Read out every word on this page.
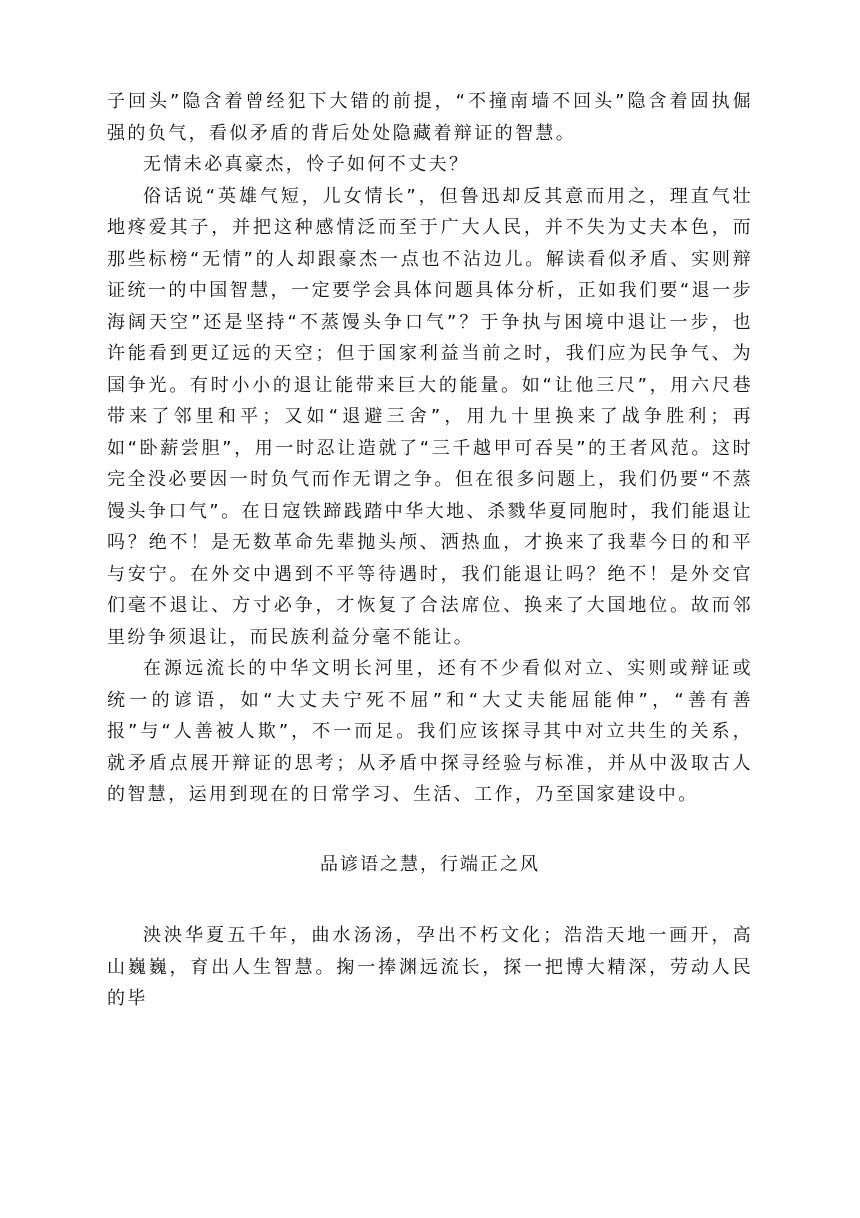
子回头”隐含着曾经犯下大错的前提，“不撞南墙不回头”隐含着固执倔强的负气，看似矛盾的背后处处隐藏着辩证的智慧。

无情未必真豪杰，怜子如何不丈夫？

俗话说“英雄气短，儿女情长”，但鲁迅却反其意而用之，理直气壮地疼爱其子，并把这种感情泛而至于广大人民，并不失为丈夫本色，而那些标榜“无情”的人却跟豪杰一点也不沾边儿。解读看似矛盾、实则辩证统一的中国智慧，一定要学会具体问题具体分析，正如我们要“退一步海阔天空”还是坚持“不蒸馒头争口气”？于争执与困境中退让一步，也许能看到更辽远的天空；但于国家利益当前之时，我们应为民争气、为国争光。有时小小的退让能带来巨大的能量。如“让他三尺”，用六尺巷带来了邻里和平；又如“退避三舍”，用九十里换来了战争胜利；再如“卧薪尝胆”，用一时忍让造就了“三千越甲可吞吴”的王者风范。这时完全没必要因一时负气而作无谓之争。但在很多问题上，我们仍要“不蒸馒头争口气”。在日寇铁蹄践踏中华大地、杀戮华夏同胞时，我们能退让吗？绝不！是无数革命先辈抛头颅、洒热血，才换来了我辈今日的和平与安宁。在外交中遇到不平等待遇时，我们能退让吗？绝不！是外交官们毫不退让、方寸必争，才恢复了合法席位、换来了大国地位。故而邻里纷争须退让，而民族利益分毫不能让。

在源远流长的中华文明长河里，还有不少看似对立、实则或辩证或统一的谚语，如“大丈夫宁死不屈”和“大丈夫能屈能伸”，“善有善报”与“人善被人欺”，不一而足。我们应该探寻其中对立共生的关系，就矛盾点展开辩证的思考；从矛盾中探寻经验与标准，并从中汲取古人的智慧，运用到现在的日常学习、生活、工作，乃至国家建设中。

品谚语之慧，行端正之风

泱泱华夏五千年，曲水汤汤，孕出不朽文化；浩浩天地一画开，高山巍巍，育出人生智慧。掬一捧渊远流长，探一把博大精深，劳动人民的毕
